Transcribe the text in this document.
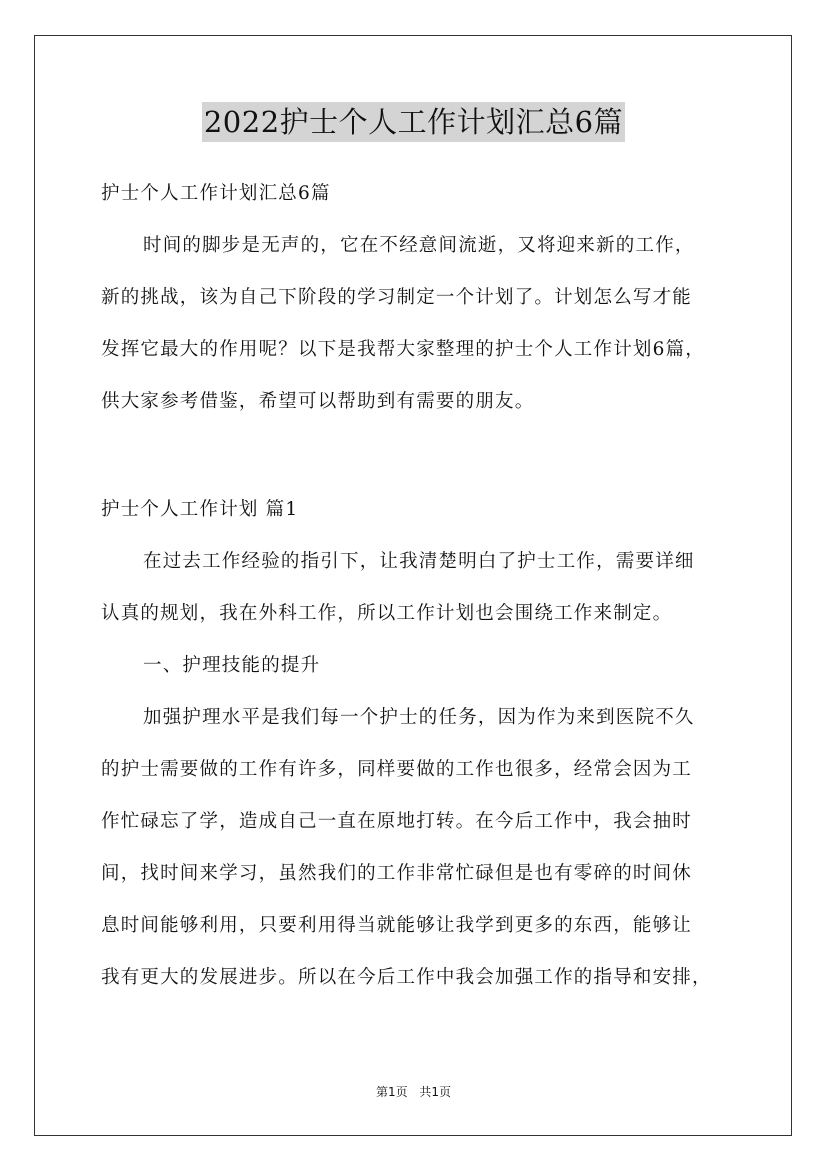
2022护士个人工作计划汇总6篇
护士个人工作计划汇总6篇
时间的脚步是无声的，它在不经意间流逝，又将迎来新的工作，
新的挑战，该为自己下阶段的学习制定一个计划了。计划怎么写才能
发挥它最大的作用呢？以下是我帮大家整理的护士个人工作计划6篇，
供大家参考借鉴，希望可以帮助到有需要的朋友。
护士个人工作计划 篇1
在过去工作经验的指引下，让我清楚明白了护士工作，需要详细
认真的规划，我在外科工作，所以工作计划也会围绕工作来制定。
一、护理技能的提升
加强护理水平是我们每一个护士的任务，因为作为来到医院不久
的护士需要做的工作有许多，同样要做的工作也很多，经常会因为工
作忙碌忘了学，造成自己一直在原地打转。在今后工作中，我会抽时
间，找时间来学习，虽然我们的工作非常忙碌但是也有零碎的时间休
息时间能够利用，只要利用得当就能够让我学到更多的东西，能够让
我有更大的发展进步。所以在今后工作中我会加强工作的指导和安排，
第1页 共1页
